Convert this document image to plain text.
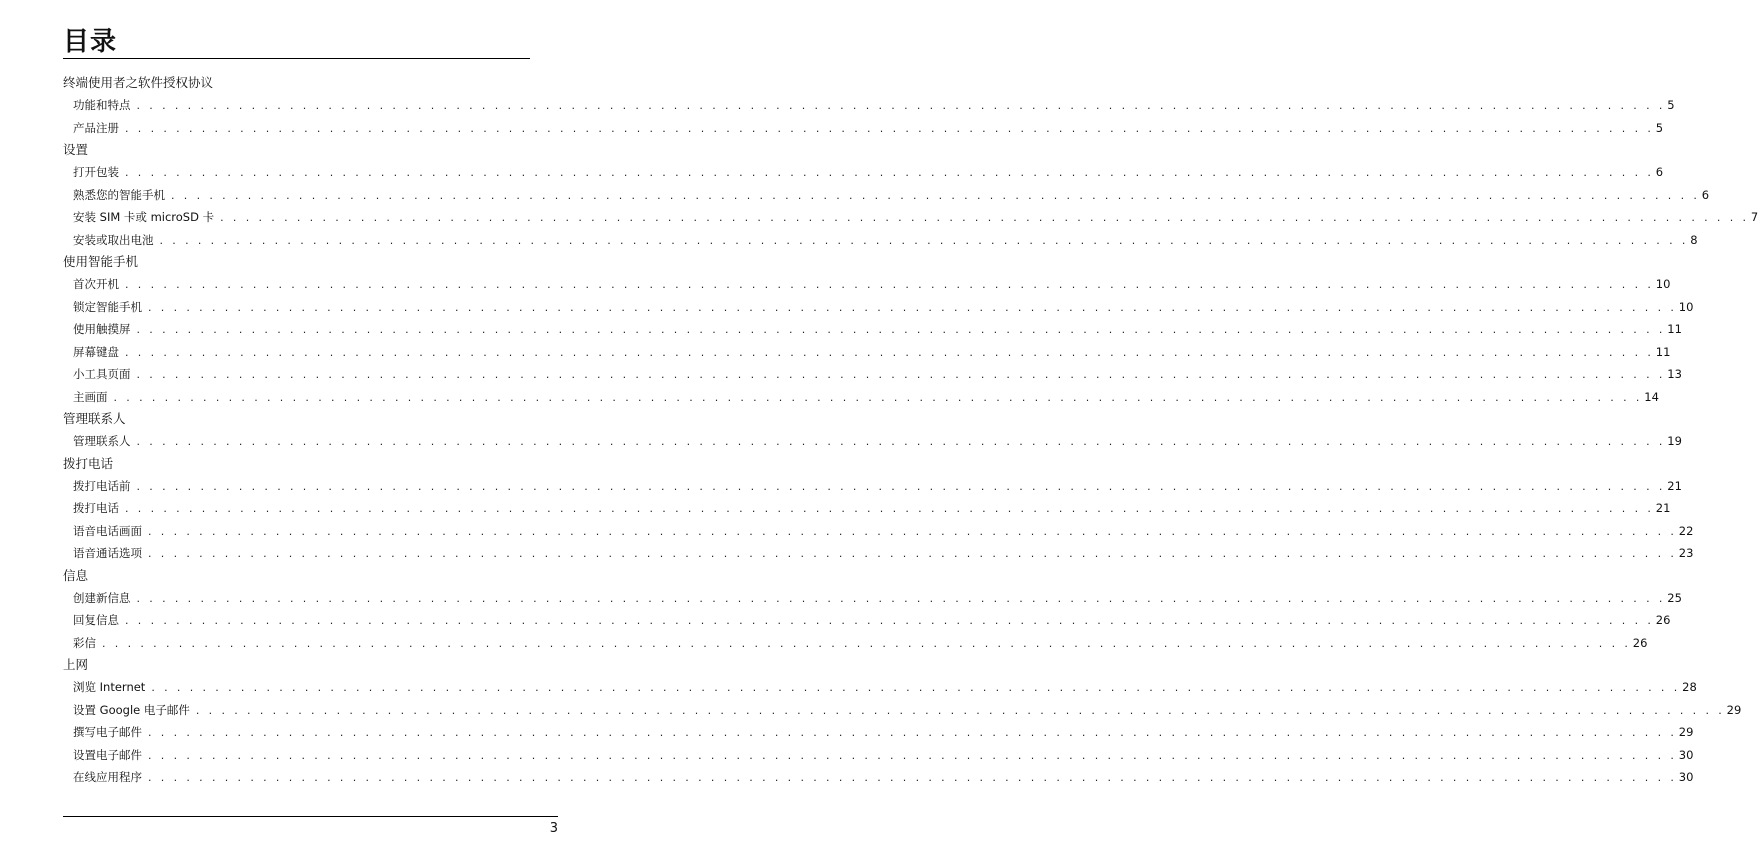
目录
终端使用者之软件授权协议
功能和特点 . . . . . . . . . . . . . . . . . . . . . . . . . . . . . . . . . . . . . . . . . . . . . . . . . . . . . . . . . . . . . . . . . . . . . . . . . . . . . . . . . . . . . . . . . . . . . . . . . . . . . . . . . . . . . . . . . . . . . . . . 5
产品注册 . . . . . . . . . . . . . . . . . . . . . . . . . . . . . . . . . . . . . . . . . . . . . . . . . . . . . . . . . . . . . . . . . . . . . . . . . . . . . . . . . . . . . . . . . . . . . . . . . . . . . . . . . . . . . . . . . . . . . . . . 5
设置
打开包装 . . . . . . . . . . . . . . . . . . . . . . . . . . . . . . . . . . . . . . . . . . . . . . . . . . . . . . . . . . . . . . . . . . . . . . . . . . . . . . . . . . . . . . . . . . . . . . . . . . . . . . . . . . . . . . . . . . . . . . . . 6
熟悉您的智能手机 . . . . . . . . . . . . . . . . . . . . . . . . . . . . . . . . . . . . . . . . . . . . . . . . . . . . . . . . . . . . . . . . . . . . . . . . . . . . . . . . . . . . . . . . . . . . . . . . . . . . . . . . . . . . . . . . . . . . . . . . 6
安装 SIM 卡或 microSD 卡 . . . . . . . . . . . . . . . . . . . . . . . . . . . . . . . . . . . . . . . . . . . . . . . . . . . . . . . . . . . . . . . . . . . . . . . . . . . . . . . . . . . . . . . . . . . . . . . . . . . . . . . . . . . . . . . . . . . . . . . . 7
安装或取出电池 . . . . . . . . . . . . . . . . . . . . . . . . . . . . . . . . . . . . . . . . . . . . . . . . . . . . . . . . . . . . . . . . . . . . . . . . . . . . . . . . . . . . . . . . . . . . . . . . . . . . . . . . . . . . . . . . . . . . . . . . 8
使用智能手机
首次开机 . . . . . . . . . . . . . . . . . . . . . . . . . . . . . . . . . . . . . . . . . . . . . . . . . . . . . . . . . . . . . . . . . . . . . . . . . . . . . . . . . . . . . . . . . . . . . . . . . . . . . . . . . . . . . . . . . . . . . . . . 10
锁定智能手机 . . . . . . . . . . . . . . . . . . . . . . . . . . . . . . . . . . . . . . . . . . . . . . . . . . . . . . . . . . . . . . . . . . . . . . . . . . . . . . . . . . . . . . . . . . . . . . . . . . . . . . . . . . . . . . . . . . . . . . . . 10
使用触摸屏 . . . . . . . . . . . . . . . . . . . . . . . . . . . . . . . . . . . . . . . . . . . . . . . . . . . . . . . . . . . . . . . . . . . . . . . . . . . . . . . . . . . . . . . . . . . . . . . . . . . . . . . . . . . . . . . . . . . . . . . . 11
屏幕键盘 . . . . . . . . . . . . . . . . . . . . . . . . . . . . . . . . . . . . . . . . . . . . . . . . . . . . . . . . . . . . . . . . . . . . . . . . . . . . . . . . . . . . . . . . . . . . . . . . . . . . . . . . . . . . . . . . . . . . . . . . 11
小工具页面 . . . . . . . . . . . . . . . . . . . . . . . . . . . . . . . . . . . . . . . . . . . . . . . . . . . . . . . . . . . . . . . . . . . . . . . . . . . . . . . . . . . . . . . . . . . . . . . . . . . . . . . . . . . . . . . . . . . . . . . . 13
主画面 . . . . . . . . . . . . . . . . . . . . . . . . . . . . . . . . . . . . . . . . . . . . . . . . . . . . . . . . . . . . . . . . . . . . . . . . . . . . . . . . . . . . . . . . . . . . . . . . . . . . . . . . . . . . . . . . . . . . . . . . 14
管理联系人
管理联系人 . . . . . . . . . . . . . . . . . . . . . . . . . . . . . . . . . . . . . . . . . . . . . . . . . . . . . . . . . . . . . . . . . . . . . . . . . . . . . . . . . . . . . . . . . . . . . . . . . . . . . . . . . . . . . . . . . . . . . . . . 19
拨打电话
拨打电话前 . . . . . . . . . . . . . . . . . . . . . . . . . . . . . . . . . . . . . . . . . . . . . . . . . . . . . . . . . . . . . . . . . . . . . . . . . . . . . . . . . . . . . . . . . . . . . . . . . . . . . . . . . . . . . . . . . . . . . . . . 21
拨打电话 . . . . . . . . . . . . . . . . . . . . . . . . . . . . . . . . . . . . . . . . . . . . . . . . . . . . . . . . . . . . . . . . . . . . . . . . . . . . . . . . . . . . . . . . . . . . . . . . . . . . . . . . . . . . . . . . . . . . . . . . 21
语音电话画面 . . . . . . . . . . . . . . . . . . . . . . . . . . . . . . . . . . . . . . . . . . . . . . . . . . . . . . . . . . . . . . . . . . . . . . . . . . . . . . . . . . . . . . . . . . . . . . . . . . . . . . . . . . . . . . . . . . . . . . . . 22
语音通话选项 . . . . . . . . . . . . . . . . . . . . . . . . . . . . . . . . . . . . . . . . . . . . . . . . . . . . . . . . . . . . . . . . . . . . . . . . . . . . . . . . . . . . . . . . . . . . . . . . . . . . . . . . . . . . . . . . . . . . . . . . 23
信息
创建新信息 . . . . . . . . . . . . . . . . . . . . . . . . . . . . . . . . . . . . . . . . . . . . . . . . . . . . . . . . . . . . . . . . . . . . . . . . . . . . . . . . . . . . . . . . . . . . . . . . . . . . . . . . . . . . . . . . . . . . . . . . 25
回复信息 . . . . . . . . . . . . . . . . . . . . . . . . . . . . . . . . . . . . . . . . . . . . . . . . . . . . . . . . . . . . . . . . . . . . . . . . . . . . . . . . . . . . . . . . . . . . . . . . . . . . . . . . . . . . . . . . . . . . . . . . 26
彩信 . . . . . . . . . . . . . . . . . . . . . . . . . . . . . . . . . . . . . . . . . . . . . . . . . . . . . . . . . . . . . . . . . . . . . . . . . . . . . . . . . . . . . . . . . . . . . . . . . . . . . . . . . . . . . . . . . . . . . . . . 26
上网
浏览 Internet . . . . . . . . . . . . . . . . . . . . . . . . . . . . . . . . . . . . . . . . . . . . . . . . . . . . . . . . . . . . . . . . . . . . . . . . . . . . . . . . . . . . . . . . . . . . . . . . . . . . . . . . . . . . . . . . . . . . . . . . 28
设置 Google 电子邮件 . . . . . . . . . . . . . . . . . . . . . . . . . . . . . . . . . . . . . . . . . . . . . . . . . . . . . . . . . . . . . . . . . . . . . . . . . . . . . . . . . . . . . . . . . . . . . . . . . . . . . . . . . . . . . . . . . . . . . . . . 29
撰写电子邮件 . . . . . . . . . . . . . . . . . . . . . . . . . . . . . . . . . . . . . . . . . . . . . . . . . . . . . . . . . . . . . . . . . . . . . . . . . . . . . . . . . . . . . . . . . . . . . . . . . . . . . . . . . . . . . . . . . . . . . . . . 29
设置电子邮件 . . . . . . . . . . . . . . . . . . . . . . . . . . . . . . . . . . . . . . . . . . . . . . . . . . . . . . . . . . . . . . . . . . . . . . . . . . . . . . . . . . . . . . . . . . . . . . . . . . . . . . . . . . . . . . . . . . . . . . . . 30
在线应用程序 . . . . . . . . . . . . . . . . . . . . . . . . . . . . . . . . . . . . . . . . . . . . . . . . . . . . . . . . . . . . . . . . . . . . . . . . . . . . . . . . . . . . . . . . . . . . . . . . . . . . . . . . . . . . . . . . . . . . . . . . 30
3
